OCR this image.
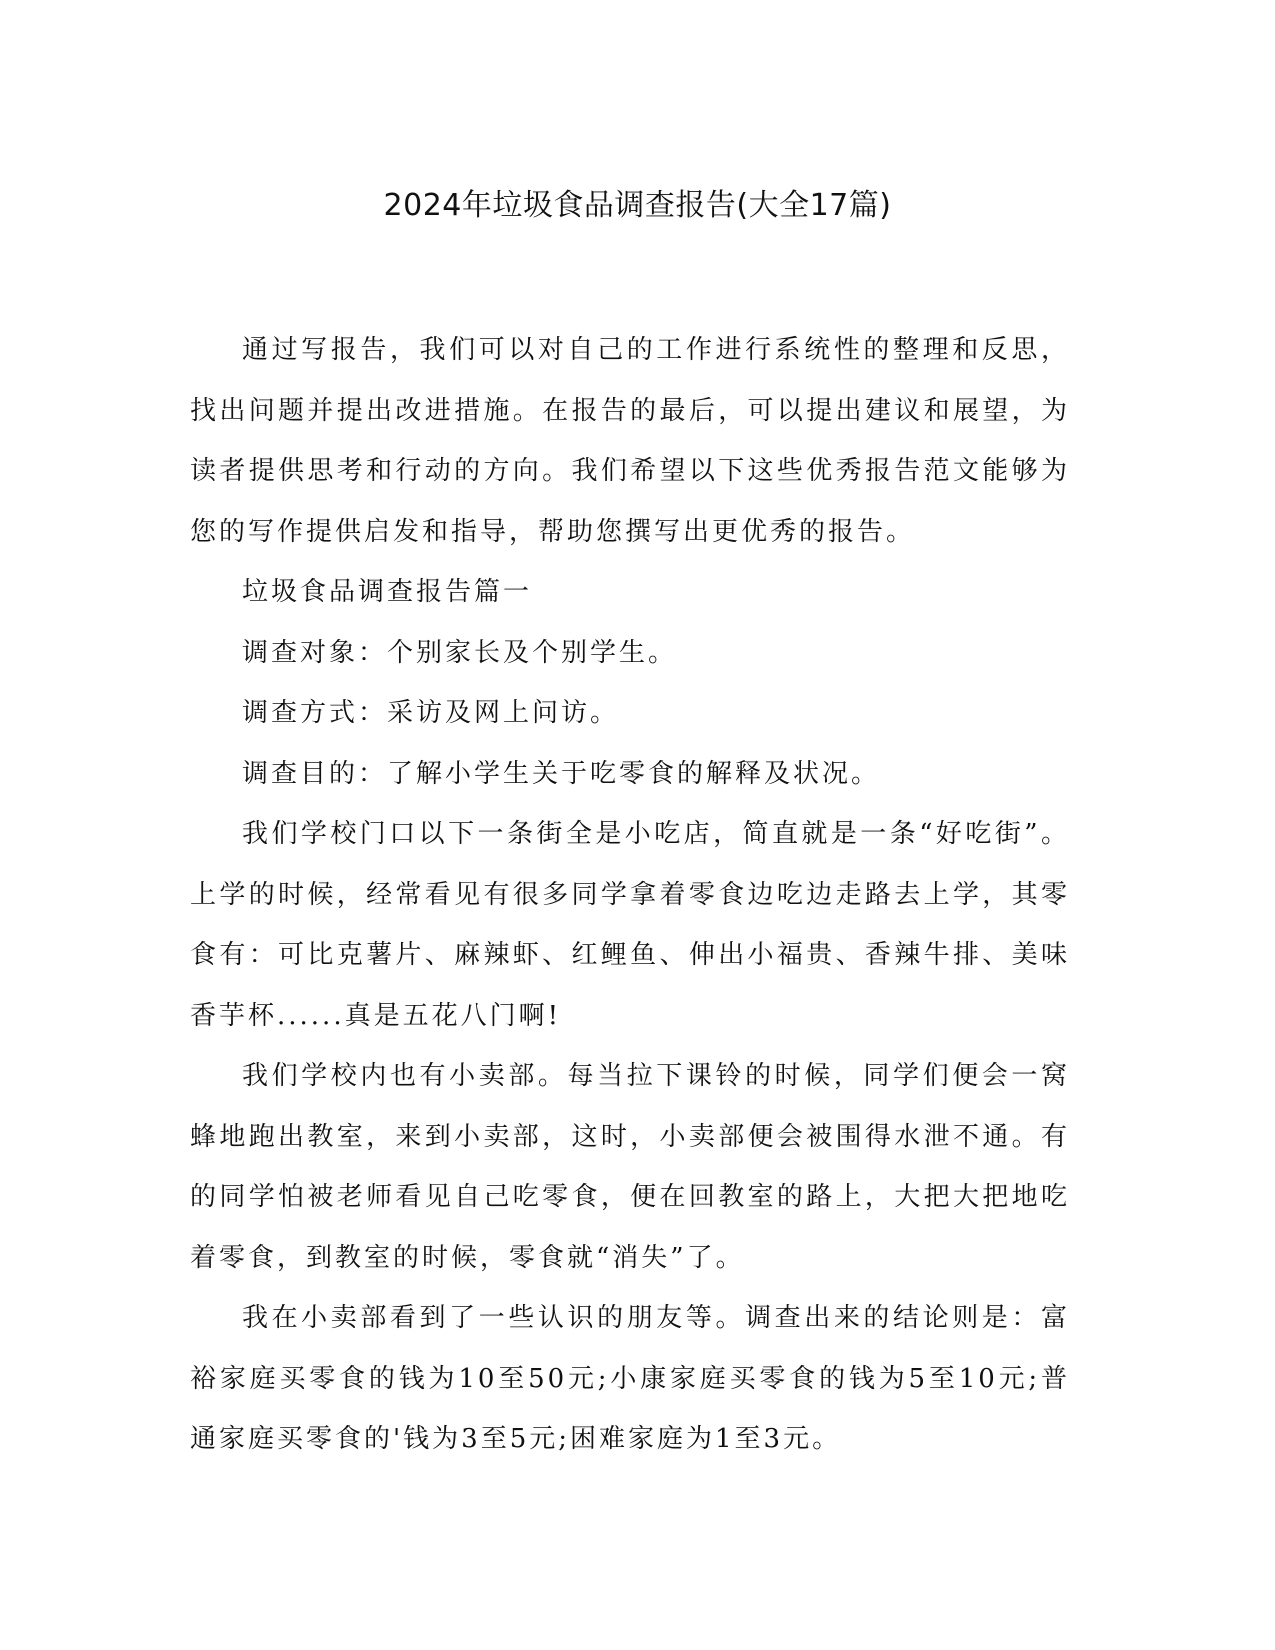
2024年垃圾食品调查报告(大全17篇)

通过写报告，我们可以对自己的工作进行系统性的整理和反思，找出问题并提出改进措施。在报告的最后，可以提出建议和展望，为读者提供思考和行动的方向。我们希望以下这些优秀报告范文能够为您的写作提供启发和指导，帮助您撰写出更优秀的报告。

垃圾食品调查报告篇一

调查对象：个别家长及个别学生。

调查方式：采访及网上问访。

调查目的：了解小学生关于吃零食的解释及状况。

我们学校门口以下一条街全是小吃店，简直就是一条“好吃街”。上学的时候，经常看见有很多同学拿着零食边吃边走路去上学，其零食有：可比克薯片、麻辣虾、红鲤鱼、伸出小福贵、香辣牛排、美味香芋杯......真是五花八门啊!

我们学校内也有小卖部。每当拉下课铃的时候，同学们便会一窝蜂地跑出教室，来到小卖部，这时，小卖部便会被围得水泄不通。有的同学怕被老师看见自己吃零食，便在回教室的路上，大把大把地吃着零食，到教室的时候，零食就“消失”了。

我在小卖部看到了一些认识的朋友等。调查出来的结论则是：富裕家庭买零食的钱为10至50元;小康家庭买零食的钱为5至10元;普通家庭买零食的'钱为3至5元;困难家庭为1至3元。
